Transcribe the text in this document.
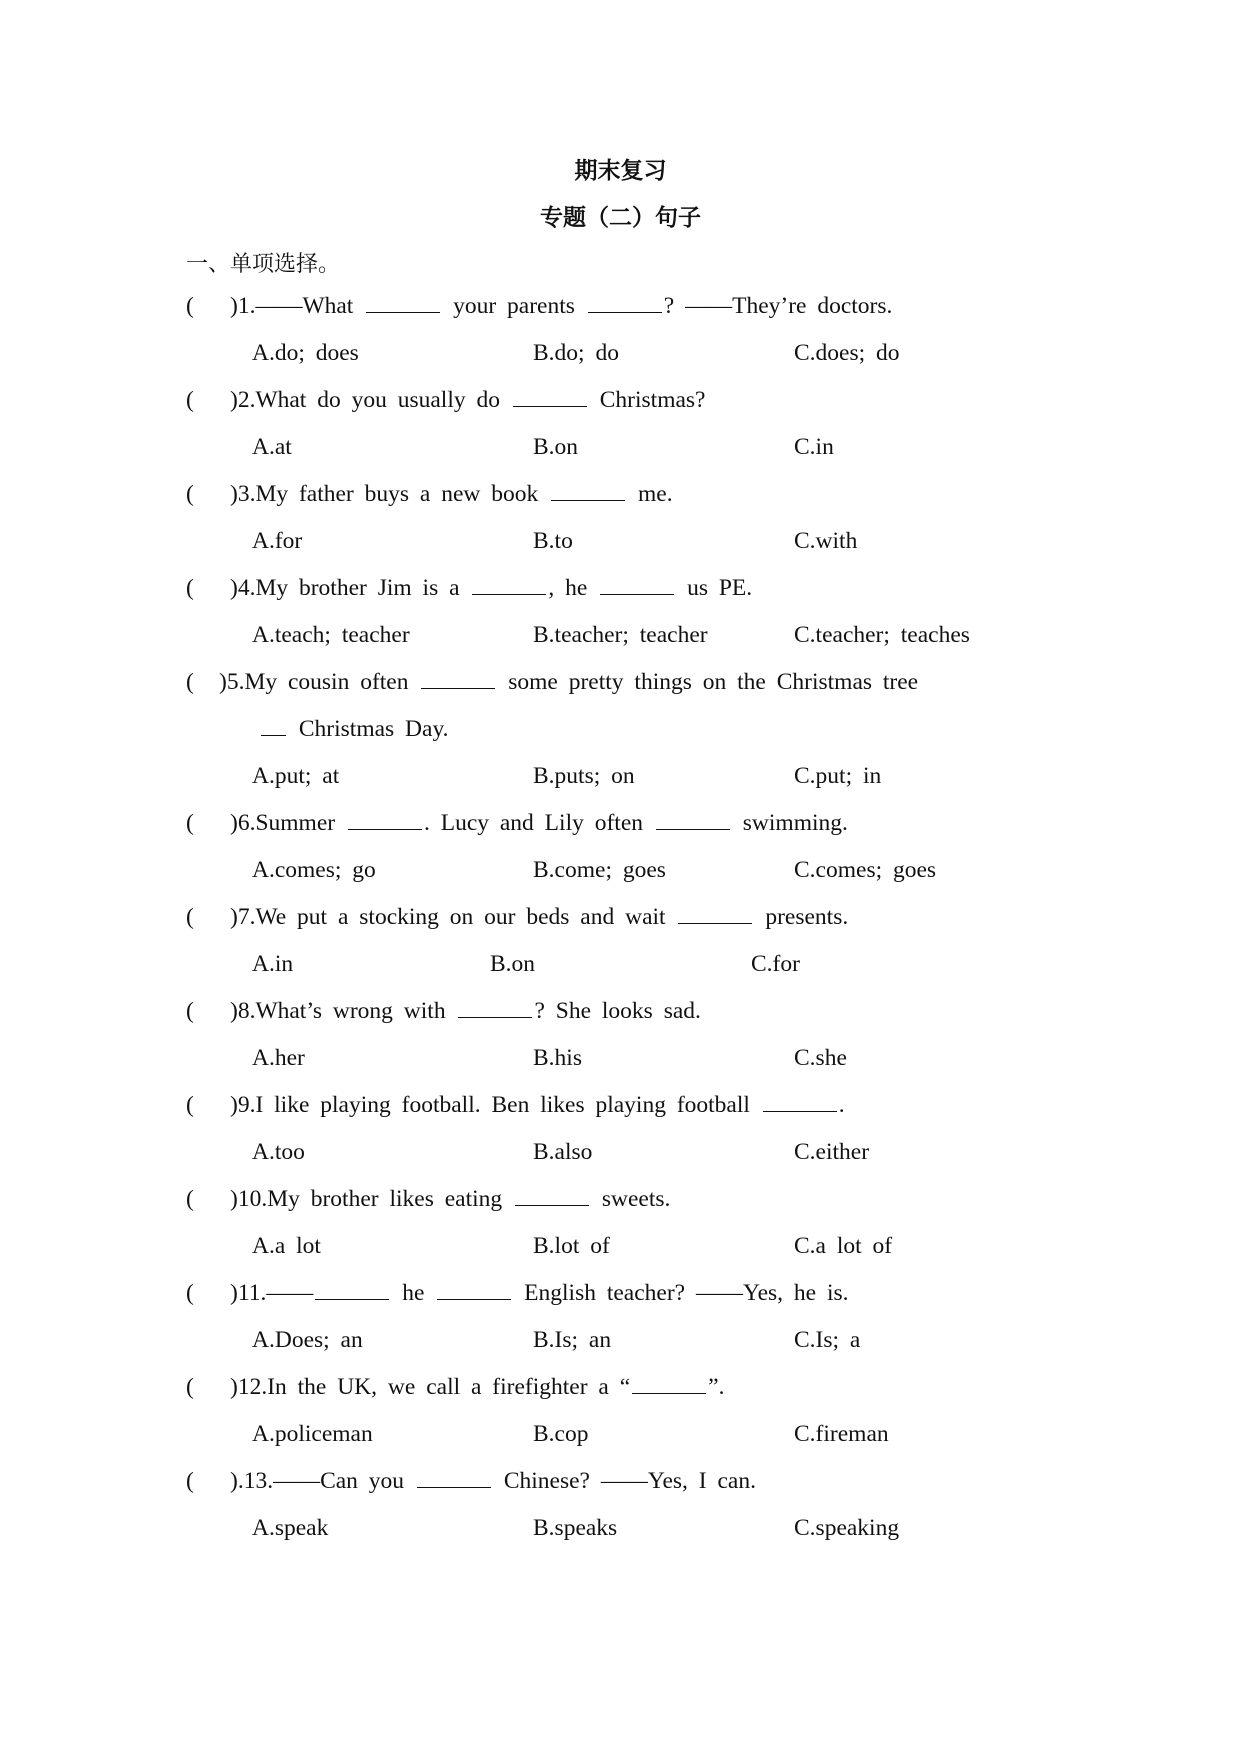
期末复习
专题（二）句子
一、单项选择。
( )1.——What	your parents	? ——They’re doctors.
A.do; does	B.do; do	C.does; do
( )2.What do you usually do	Christmas?
A.at	B.on	C.in
( )3.My father buys a new book	me.
A.for	B.to	C.with
( )4.My brother Jim is a	, he	us PE.
A.teach; teacher	B.teacher; teacher	C.teacher; teaches
( )5.My cousin often	some pretty things on the Christmas tree
Christmas Day.
A.put; at	B.puts; on	C.put; in
( )6.Summer	. Lucy and Lily often	swimming.
A.comes; go	B.come; goes	C.comes; goes
( )7.We put a stocking on our beds and wait	presents.
A.in	B.on	C.for
( )8.What’s wrong with	? She looks sad.
A.her	B.his	C.she
( )9.I like playing football. Ben likes playing football	.
A.too	B.also	C.either
( )10.My brother likes eating	sweets.
A.a lot	B.lot of	C.a lot of
( )11.——	he	English teacher? ——Yes, he is.
A.Does; an	B.Is; an	C.Is; a
( )12.In the UK, we call a firefighter a “	”.
A.policeman	B.cop	C.fireman
( ).13.——Can you	Chinese? ——Yes, I can.
A.speak	B.speaks	C.speaking
